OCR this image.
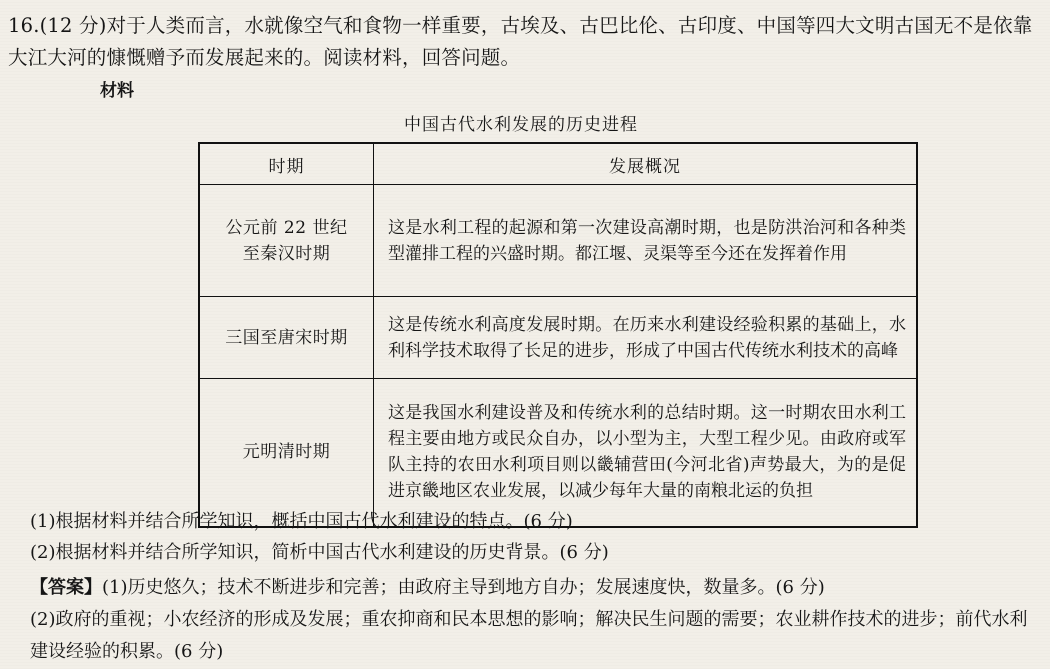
16.(12 分)对于人类而言，水就像空气和食物一样重要，古埃及、古巴比伦、古印度、中国等四大文明古国无不是依靠大江大河的慷慨赠予而发展起来的。阅读材料，回答问题。
材料
中国古代水利发展的历史进程
时期	发展概况

公元前 22 世纪
至秦汉时期	这是水利工程的起源和第一次建设高潮时期，也是防洪治河和各种类型灌排工程的兴盛时期。都江堰、灵渠等至今还在发挥着作用

三国至唐宋时期	这是传统水利高度发展时期。在历来水利建设经验积累的基础上，水利科学技术取得了长足的进步，形成了中国古代传统水利技术的高峰

元明清时期	这是我国水利建设普及和传统水利的总结时期。这一时期农田水利工程主要由地方或民众自办，以小型为主，大型工程少见。由政府或军队主持的农田水利项目则以畿辅营田(今河北省)声势最大，为的是促进京畿地区农业发展，以减少每年大量的南粮北运的负担
(1)根据材料并结合所学知识，概括中国古代水利建设的特点。(6 分)
(2)根据材料并结合所学知识，简析中国古代水利建设的历史背景。(6 分)
【答案】(1)历史悠久；技术不断进步和完善；由政府主导到地方自办；发展速度快，数量多。(6 分)
(2)政府的重视；小农经济的形成及发展；重农抑商和民本思想的影响；解决民生问题的需要；农业耕作技术的进步；前代水利建设经验的积累。(6 分)
